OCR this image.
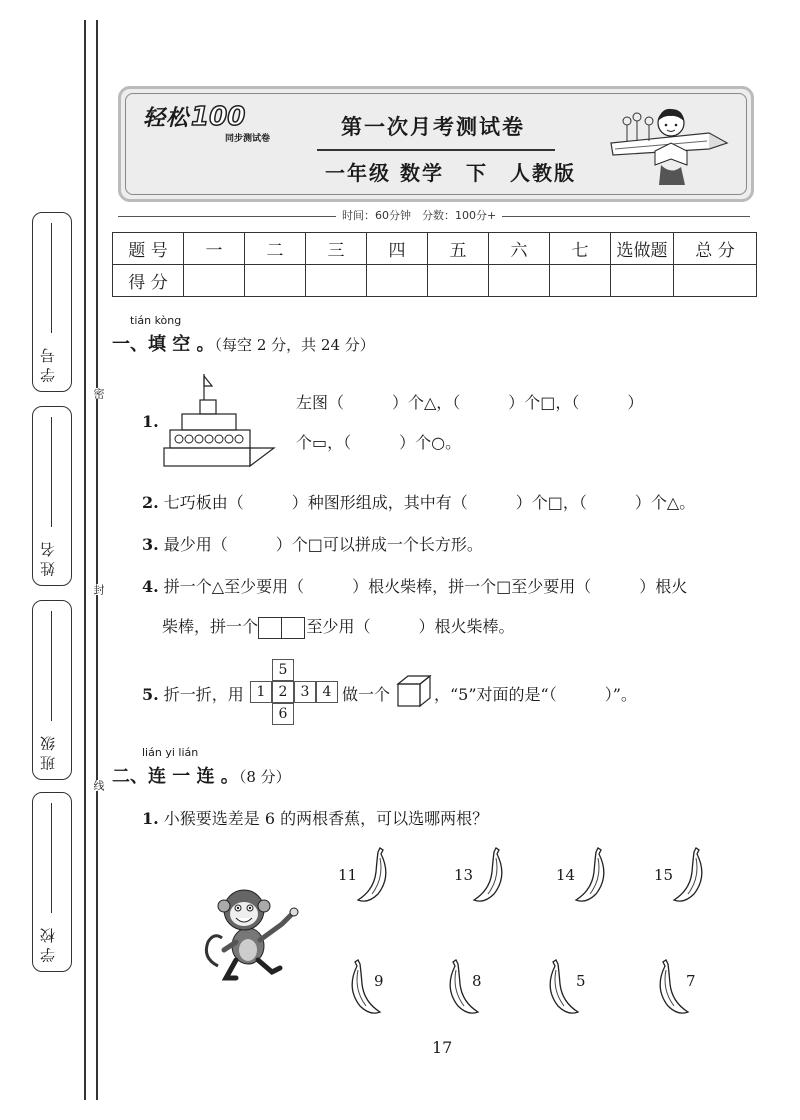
学 号
姓 名
班 级
学 校
密
封
线
轻松100
同步测试卷	第一次月考测试卷
一年级 数学　下　人教版
时间：60分钟　分数：100分+
题 号	一	二	三	四	五	六	七	选做题	总 分
得 分									
tián kòng
一、填 空 。（每空 2 分，共 24 分）
1.
左图（　　　）个△，（　　　）个□，（　　　）
个▭，（　　　）个○。
2. 七巧板由（　　　）种图形组成，其中有（　　　）个□，（　　　）个△。
3. 最少用（　　　）个□可以拼成一个长方形。
4. 拼一个△至少要用（　　　）根火柴棒，拼一个□至少要用（　　　）根火
柴棒，拼一个	至少用（　　　）根火柴棒。
5. 折一折，用
5
1 2 3 4
6
做一个	，“5”对面的是“（　　　）”。
lián yi lián
二、连 一 连 。（8 分）
1. 小猴要选差是 6 的两根香蕉，可以选哪两根？
11	13	14	15
9	8	5	7
17
